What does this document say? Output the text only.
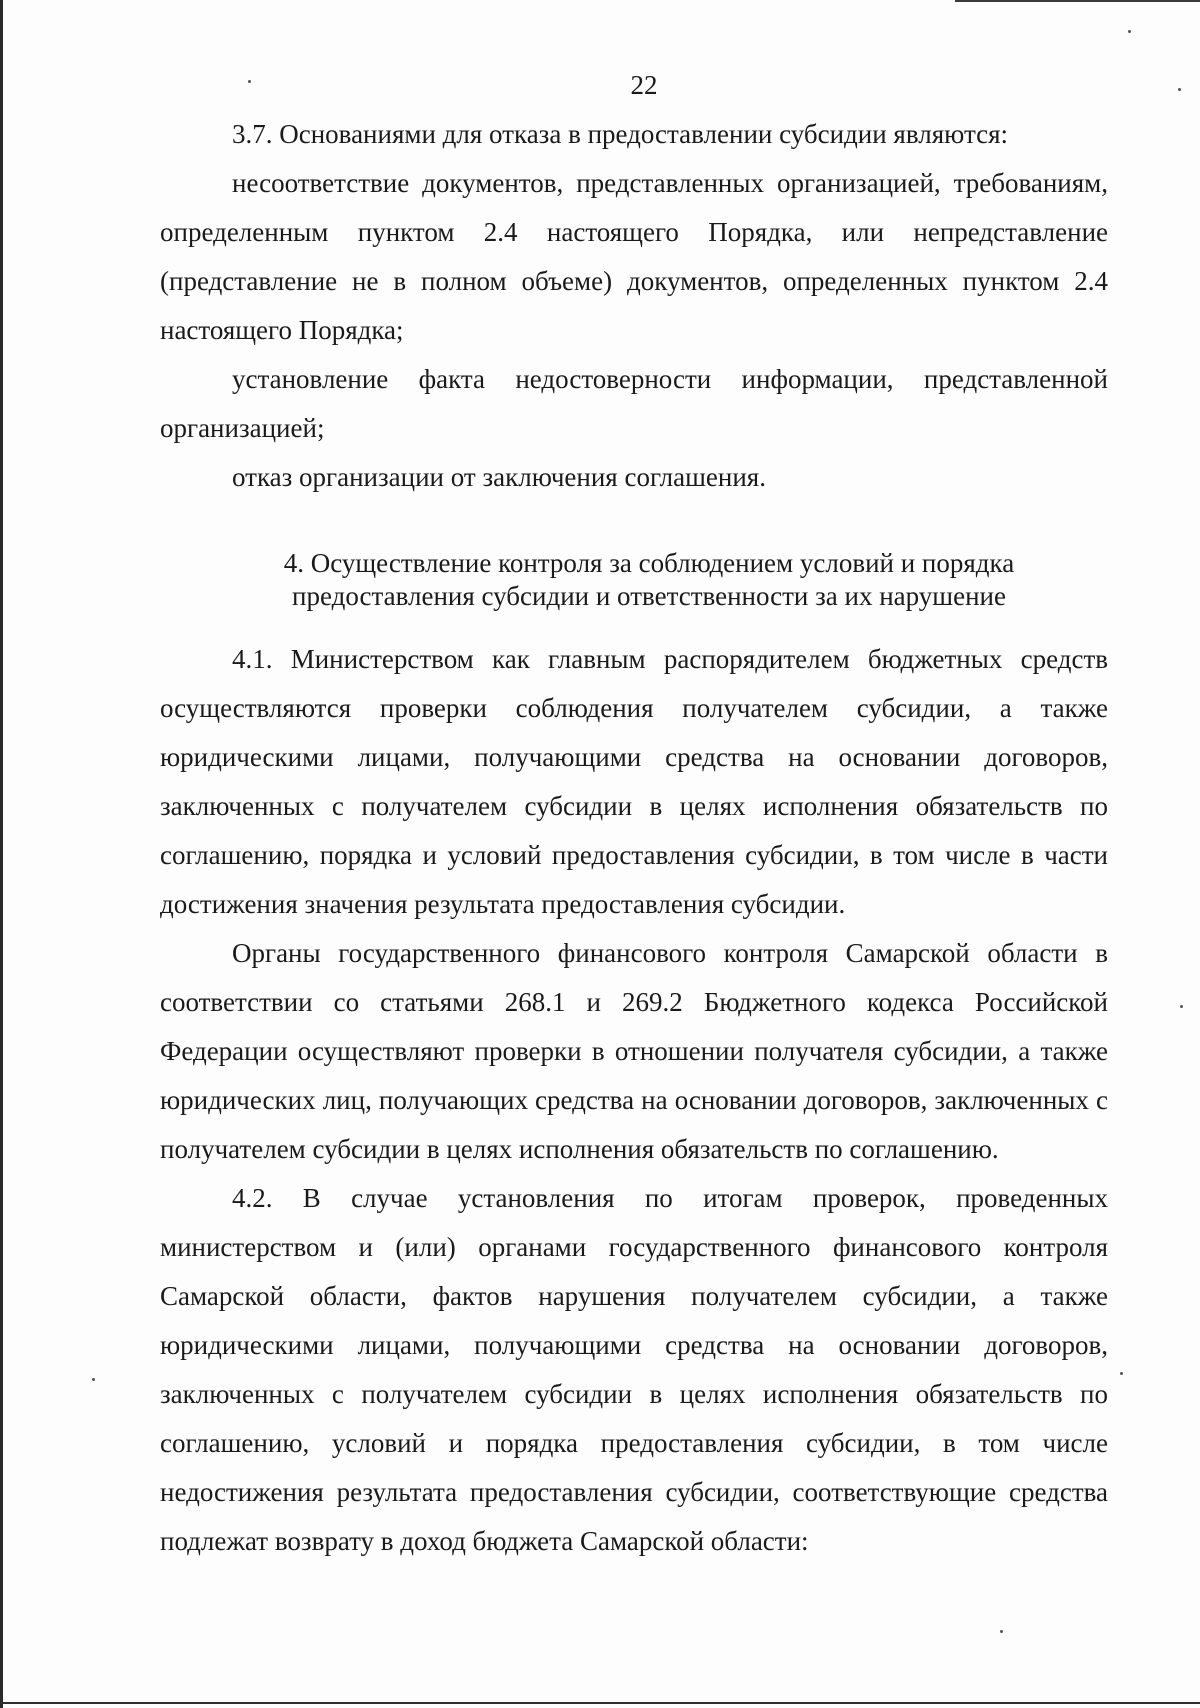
22

3.7. Основаниями для отказа в предоставлении субсидии являются:

несоответствие документов, представленных организацией, требованиям, определенным пунктом 2.4 настоящего Порядка, или непредставление (представление не в полном объеме) документов, определенных пунктом 2.4 настоящего Порядка;

установление факта недостоверности информации, представленной организацией;

отказ организации от заключения соглашения.

4. Осуществление контроля за соблюдением условий и порядка
предоставления субсидии и ответственности за их нарушение

4.1. Министерством как главным распорядителем бюджетных средств осуществляются проверки соблюдения получателем субсидии, а также юридическими лицами, получающими средства на основании договоров, заключенных с получателем субсидии в целях исполнения обязательств по соглашению, порядка и условий предоставления субсидии, в том числе в части достижения значения результата предоставления субсидии.

Органы государственного финансового контроля Самарской области в соответствии со статьями 268.1 и 269.2 Бюджетного кодекса Российской Федерации осуществляют проверки в отношении получателя субсидии, а также юридических лиц, получающих средства на основании договоров, заключенных с получателем субсидии в целях исполнения обязательств по соглашению.

4.2. В случае установления по итогам проверок, проведенных министерством и (или) органами государственного финансового контроля Самарской области, фактов нарушения получателем субсидии, а также юридическими лицами, получающими средства на основании договоров, заключенных с получателем субсидии в целях исполнения обязательств по соглашению, условий и порядка предоставления субсидии, в том числе недостижения результата предоставления субсидии, соответствующие средства подлежат возврату в доход бюджета Самарской области:
